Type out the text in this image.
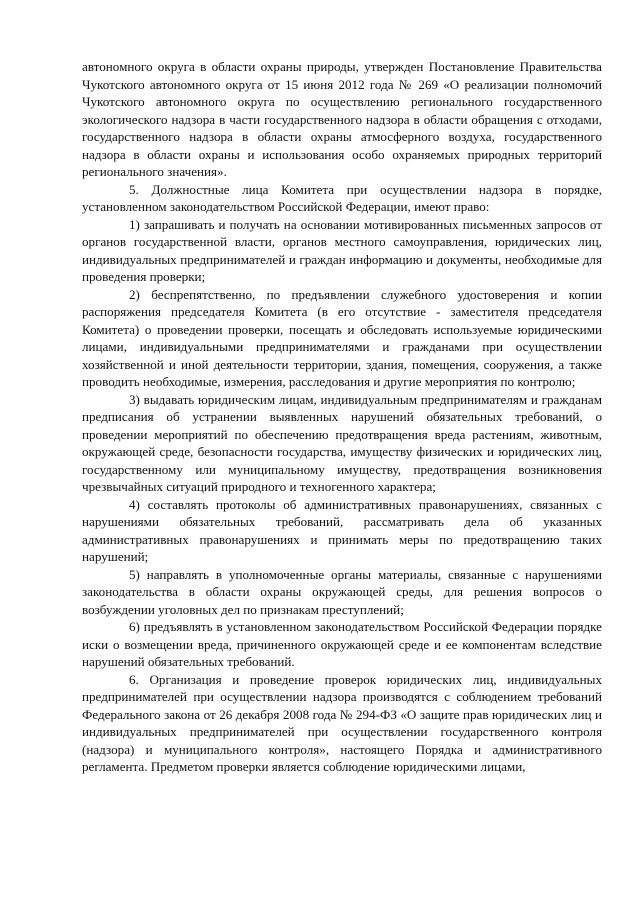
автономного округа в области охраны природы, утвержден Постановление Правительства Чукотского автономного округа от 15 июня 2012 года № 269 «О реализации полномочий Чукотского автономного округа по осуществлению регионального государственного экологического надзора в части государственного надзора в области обращения с отходами, государственного надзора в области охраны атмосферного воздуха, государственного надзора в области охраны и использования особо охраняемых природных территорий регионального значения».

5. Должностные лица Комитета при осуществлении надзора в порядке, установленном законодательством Российской Федерации, имеют право:

1) запрашивать и получать на основании мотивированных письменных запросов от органов государственной власти, органов местного самоуправления, юридических лиц, индивидуальных предпринимателей и граждан информацию и документы, необходимые для проведения проверки;

2) беспрепятственно, по предъявлении служебного удостоверения и копии распоряжения председателя Комитета (в его отсутствие - заместителя председателя Комитета) о проведении проверки, посещать и обследовать используемые юридическими лицами, индивидуальными предпринимателями и гражданами при осуществлении хозяйственной и иной деятельности территории, здания, помещения, сооружения, а также проводить необходимые, измерения, расследования и другие мероприятия по контролю;

3) выдавать юридическим лицам, индивидуальным предпринимателям и гражданам предписания об устранении выявленных нарушений обязательных требований, о проведении мероприятий по обеспечению предотвращения вреда растениям, животным, окружающей среде, безопасности государства, имуществу физических и юридических лиц, государственному или муниципальному имуществу, предотвращения возникновения чрезвычайных ситуаций природного и техногенного характера;

4) составлять протоколы об административных правонарушениях, связанных с нарушениями обязательных требований, рассматривать дела об указанных административных правонарушениях и принимать меры по предотвращению таких нарушений;

5) направлять в уполномоченные органы материалы, связанные с нарушениями законодательства в области охраны окружающей среды, для решения вопросов о возбуждении уголовных дел по признакам преступлений;

6) предъявлять в установленном законодательством Российской Федерации порядке иски о возмещении вреда, причиненного окружающей среде и ее компонентам вследствие нарушений обязательных требований.

6. Организация и проведение проверок юридических лиц, индивидуальных предпринимателей при осуществлении надзора производятся с соблюдением требований Федерального закона от 26 декабря 2008 года № 294-ФЗ «О защите прав юридических лиц и индивидуальных предпринимателей при осуществлении государственного контроля (надзора) и муниципального контроля», настоящего Порядка и административного регламента. Предметом проверки является соблюдение юридическими лицами,
